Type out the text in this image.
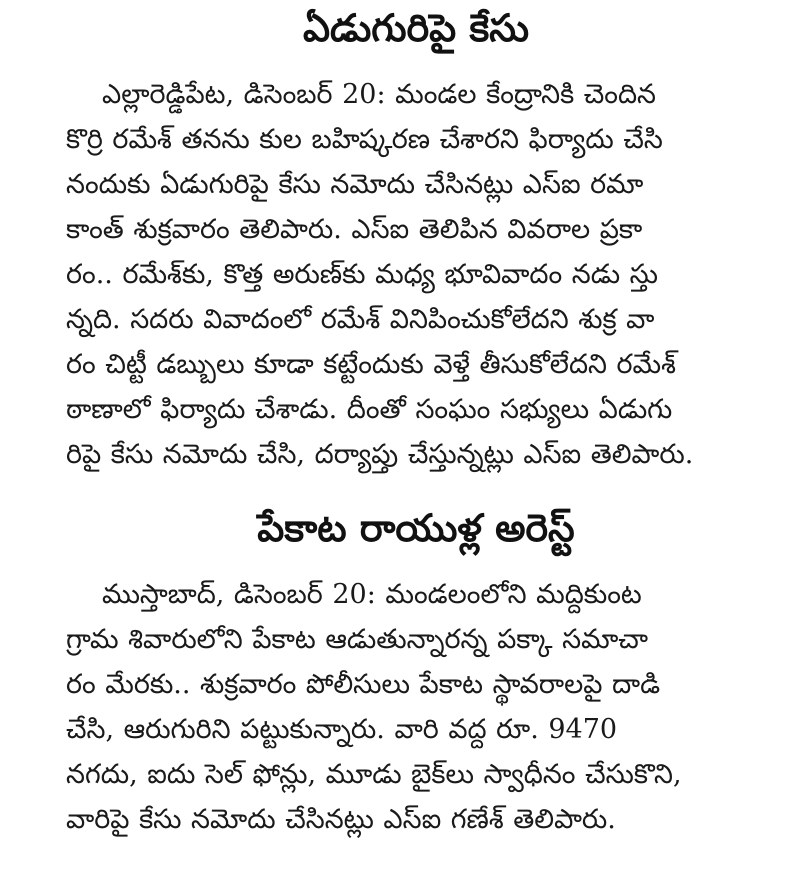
ఏడుగురిపై కేసు
ఎల్లారెడ్డిపేట, డిసెంబర్ 20: మండల కేంద్రానికి చెందిన
కొర్రి రమేశ్ తనను కుల బహిష్కరణ చేశారని ఫిర్యాదు చేసి
నందుకు ఏడుగురిపై కేసు నమోదు చేసినట్లు ఎస్ఐ రమా
కాంత్ శుక్రవారం తెలిపారు. ఎస్ఐ తెలిపిన వివరాల ప్రకా
రం.. రమేశ్‌కు, కొత్త అరుణ్‌కు మధ్య భూవివాదం నడు స్తు
న్నది. సదరు వివాదంలో రమేశ్ వినిపించుకోలేదని శుక్ర వా
రం చిట్టీ డబ్బులు కూడా కట్టేందుకు వెళ్తే తీసుకోలేదని రమేశ్
ఠాణాలో ఫిర్యాదు చేశాడు. దీంతో సంఘం సభ్యులు ఏడుగు
రిపై కేసు నమోదు చేసి, దర్యాప్తు చేస్తున్నట్లు ఎస్ఐ తెలిపారు.
పేకాట రాయుళ్ల అరెస్ట్
ముస్తాబాద్, డిసెంబర్ 20: మండలంలోని మద్దికుంట
గ్రామ శివారులోని పేకాట ఆడుతున్నారన్న పక్కా సమాచా
రం మేరకు.. శుక్రవారం పోలీసులు పేకాట స్థావరాలపై దాడి
చేసి, ఆరుగురిని పట్టుకున్నారు. వారి వద్ద రూ. 9470
నగదు, ఐదు సెల్ ఫోన్లు, మూడు బైక్‌లు స్వాధీనం చేసుకొని,
వారిపై కేసు నమోదు చేసినట్లు ఎస్ఐ గణేశ్ తెలిపారు.
